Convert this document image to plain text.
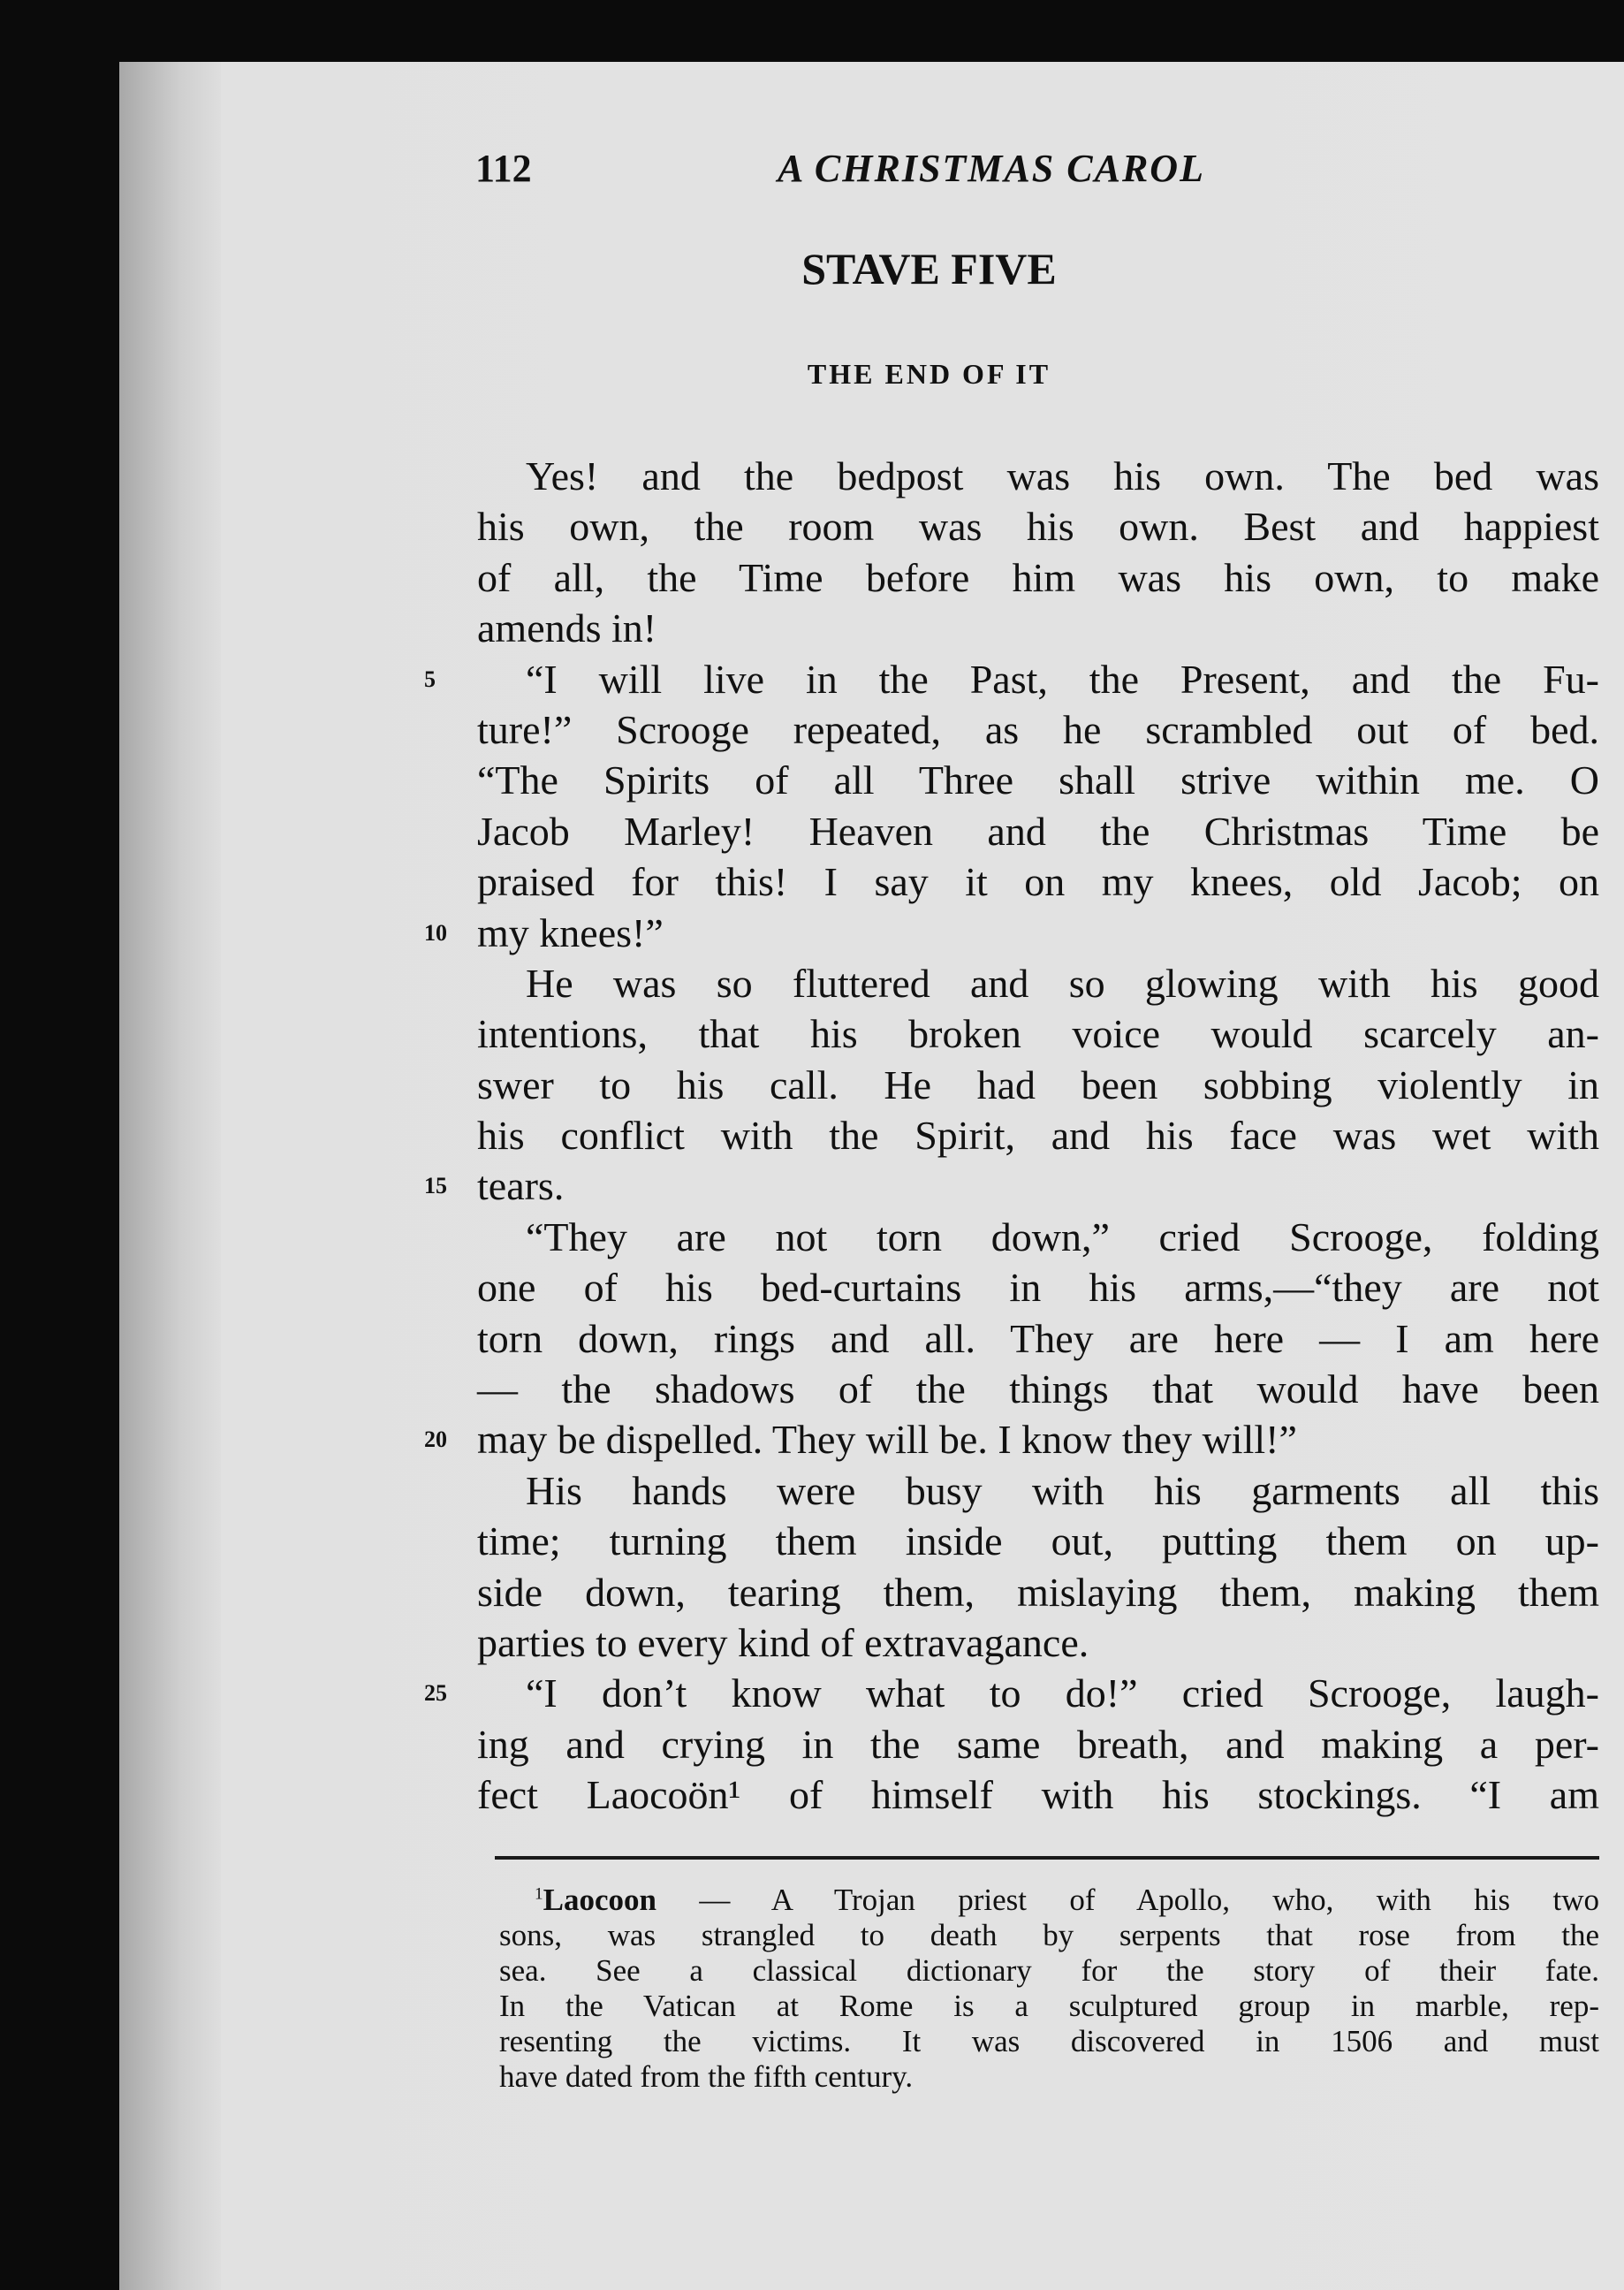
112	A CHRISTMAS CAROL
STAVE FIVE
THE END OF IT
Yes! and the bedpost was his own. The bed was
his own, the room was his own. Best and happiest
of all, the Time before him was his own, to make
amends in!
5 “I will live in the Past, the Present, and the Fu-
ture!” Scrooge repeated, as he scrambled out of bed.
“The Spirits of all Three shall strive within me. O
Jacob Marley! Heaven and the Christmas Time be
praised for this! I say it on my knees, old Jacob; on
10 my knees!”
He was so fluttered and so glowing with his good
intentions, that his broken voice would scarcely an-
swer to his call. He had been sobbing violently in
his conflict with the Spirit, and his face was wet with
15 tears.
“They are not torn down,” cried Scrooge, folding
one of his bed-curtains in his arms,—“they are not
torn down, rings and all. They are here — I am here
— the shadows of the things that would have been
20 may be dispelled. They will be. I know they will!”
His hands were busy with his garments all this
time; turning them inside out, putting them on up-
side down, tearing them, mislaying them, making them
parties to every kind of extravagance.
25 “I don’t know what to do!” cried Scrooge, laugh-
ing and crying in the same breath, and making a per-
fect Laocoön¹ of himself with his stockings. “I am
$^1$Laocoon — A Trojan priest of Apollo, who, with his two
sons, was strangled to death by serpents that rose from the
sea. See a classical dictionary for the story of their fate.
In the Vatican at Rome is a sculptured group in marble, rep-
resenting the victims. It was discovered in 1506 and must
have dated from the fifth century.
